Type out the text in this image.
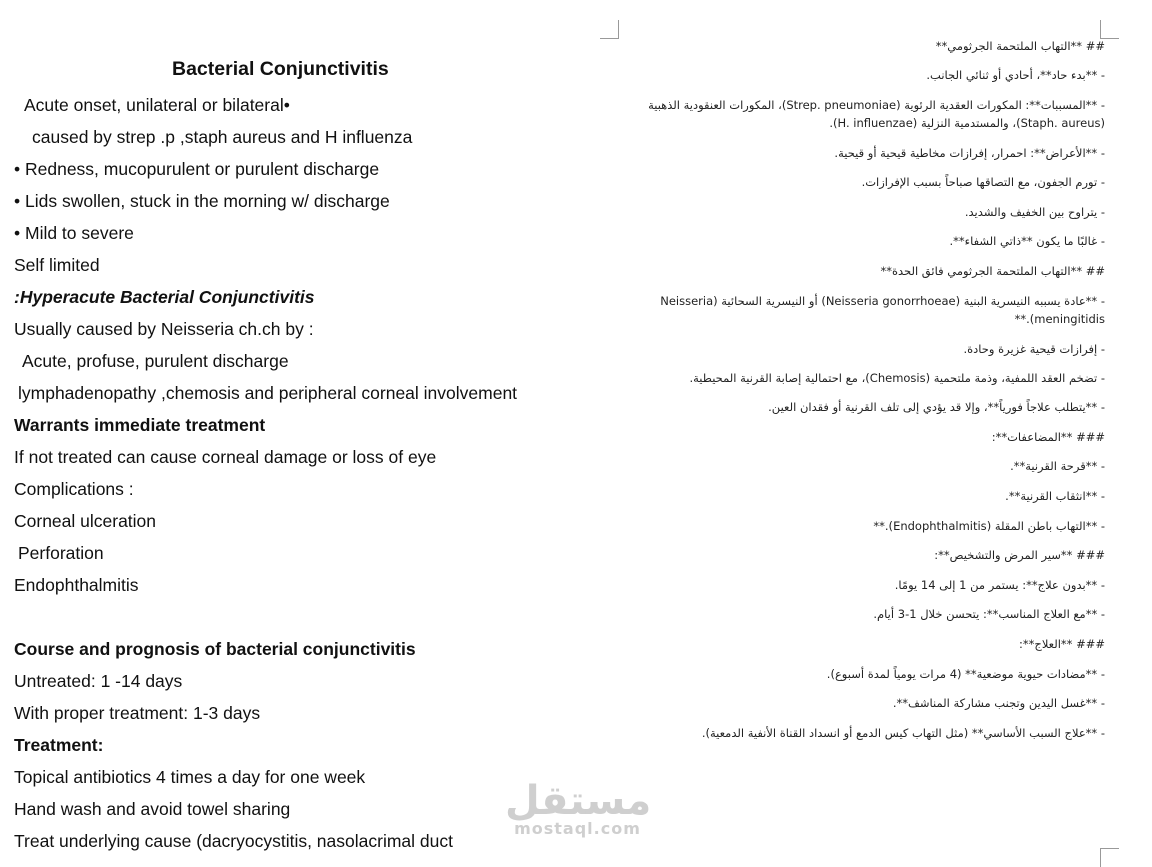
Bacterial Conjunctivitis
Acute onset, unilateral or bilateral•
caused by strep .p ,staph aureus and H influenza
• Redness, mucopurulent or purulent discharge
• Lids swollen, stuck in the morning w/ discharge
• Mild to severe
Self limited
:Hyperacute Bacterial Conjunctivitis
Usually caused by Neisseria ch.ch by :
Acute, profuse, purulent discharge
lymphadenopathy ,chemosis and peripheral corneal involvement
Warrants immediate treatment
If not treated can cause corneal damage or loss of eye
Complications :
Corneal ulceration
Perforation
Endophthalmitis
Course and prognosis of bacterial conjunctivitis
Untreated: 1 -14 days
With proper treatment: 1-3 days
Treatment:
Topical antibiotics 4 times a day for one week
Hand wash and avoid towel sharing
Treat underlying cause (dacryocystitis, nasolacrimal duct
## **التهاب الملتحمة الجرثومي**
- **بدء حاد**، أحادي أو ثنائي الجانب.
- **المسببات**: المكورات العقدية الرئوية (Strep. pneumoniae)، المكورات العنقودية الذهبية (Staph. aureus)، والمستدمية النزلية (H. influenzae).
- **الأعراض**: احمرار، إفرازات مخاطية قيحية أو قيحية.
- تورم الجفون، مع التصاقها صباحاً بسبب الإفرازات.
- يتراوح بين الخفيف والشديد.
- غالبًا ما يكون **ذاتي الشفاء**.
## **التهاب الملتحمة الجرثومي فائق الحدة**
- **عادة يسببه النيسرية البنية (Neisseria gonorrhoeae) أو النيسرية السحائية (Neisseria meningitidis).**
- إفرازات قيحية غزيرة وحادة.
- تضخم العقد اللمفية، وذمة ملتحمية (Chemosis)، مع احتمالية إصابة القرنية المحيطية.
- **يتطلب علاجاً فورياً**، وإلا قد يؤدي إلى تلف القرنية أو فقدان العين.
### **المضاعفات**:
- **قرحة القرنية**.
- **انثقاب القرنية**.
- **التهاب باطن المقلة (Endophthalmitis).**
### **سير المرض والتشخيص**:
- **بدون علاج**: يستمر من 1 إلى 14 يومًا.
- **مع العلاج المناسب**: يتحسن خلال 1-3 أيام.
### **العلاج**:
- **مضادات حيوية موضعية** (4 مرات يومياً لمدة أسبوع).
- **غسل اليدين وتجنب مشاركة المناشف**.
- **علاج السبب الأساسي** (مثل التهاب كيس الدمع أو انسداد القناة الأنفية الدمعية).
مستقل
mostaql.com
